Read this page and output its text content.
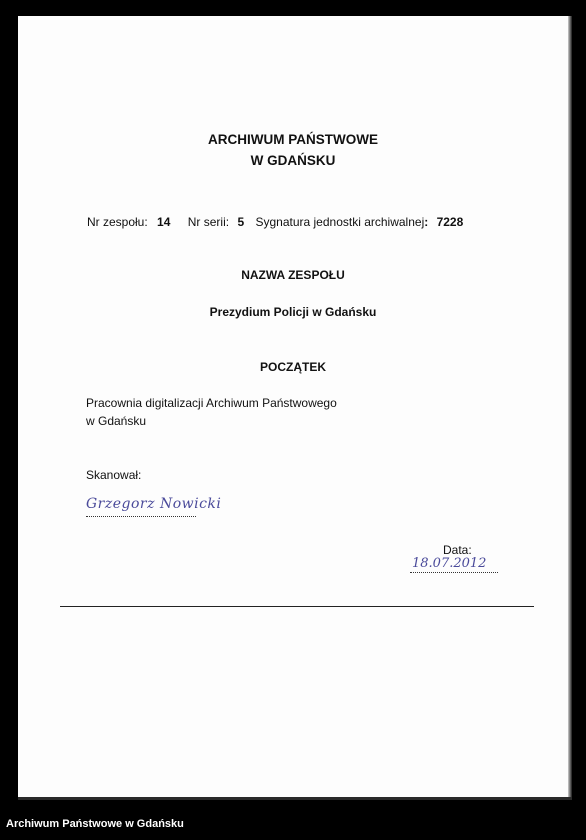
ARCHIWUM PAŃSTWOWE
W GDAŃSKU
Nr zespołu: 14 Nr serii: 5 Sygnatura jednostki archiwalnej: 7228
NAZWA ZESPOŁU
Prezydium Policji w Gdańsku
POCZĄTEK
Pracownia digitalizacji Archiwum Państwowego
w Gdańsku
Skanował:
Grzegorz Nowicki
Data:
18.07.2012
Archiwum Państwowe w Gdańsku
